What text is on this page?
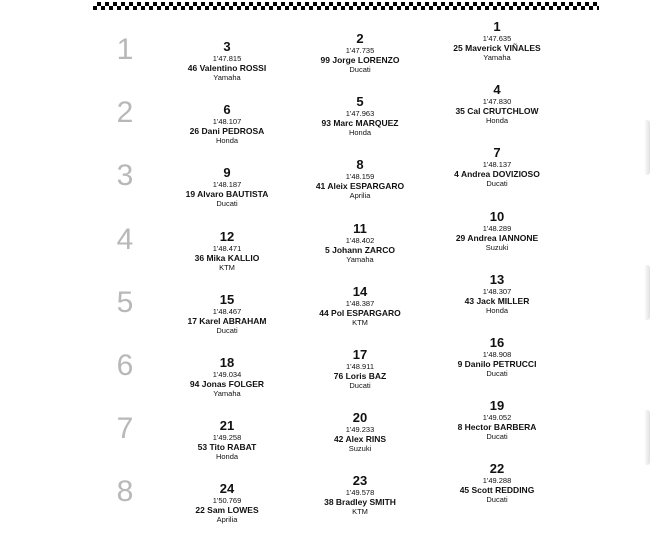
1	3
1'47.815
46 Valentino ROSSI
Yamaha
2
1'47.735
99 Jorge LORENZO
Ducati
1
1'47.635
25 Maverick VIÑALES
Yamaha
2	6
1'48.107
26 Dani PEDROSA
Honda
5
1'47.963
93 Marc MARQUEZ
Honda
4
1'47.830
35 Cal CRUTCHLOW
Honda
3	9
1'48.187
19 Alvaro BAUTISTA
Ducati
8
1'48.159
41 Aleix ESPARGARO
Aprilia
7
1'48.137
4 Andrea DOVIZIOSO
Ducati
4	12
1'48.471
36 Mika KALLIO
KTM
11
1'48.402
5 Johann ZARCO
Yamaha
10
1'48.289
29 Andrea IANNONE
Suzuki
5	15
1'48.467
17 Karel ABRAHAM
Ducati
14
1'48.387
44 Pol ESPARGARO
KTM
13
1'48.307
43 Jack MILLER
Honda
6	18
1'49.034
94 Jonas FOLGER
Yamaha
17
1'48.911
76 Loris BAZ
Ducati
16
1'48.908
9 Danilo PETRUCCI
Ducati
7	21
1'49.258
53 Tito RABAT
Honda
20
1'49.233
42 Alex RINS
Suzuki
19
1'49.052
8 Hector BARBERA
Ducati
8	24
1'50.769
22 Sam LOWES
Aprilia
23
1'49.578
38 Bradley SMITH
KTM
22
1'49.288
45 Scott REDDING
Ducati
